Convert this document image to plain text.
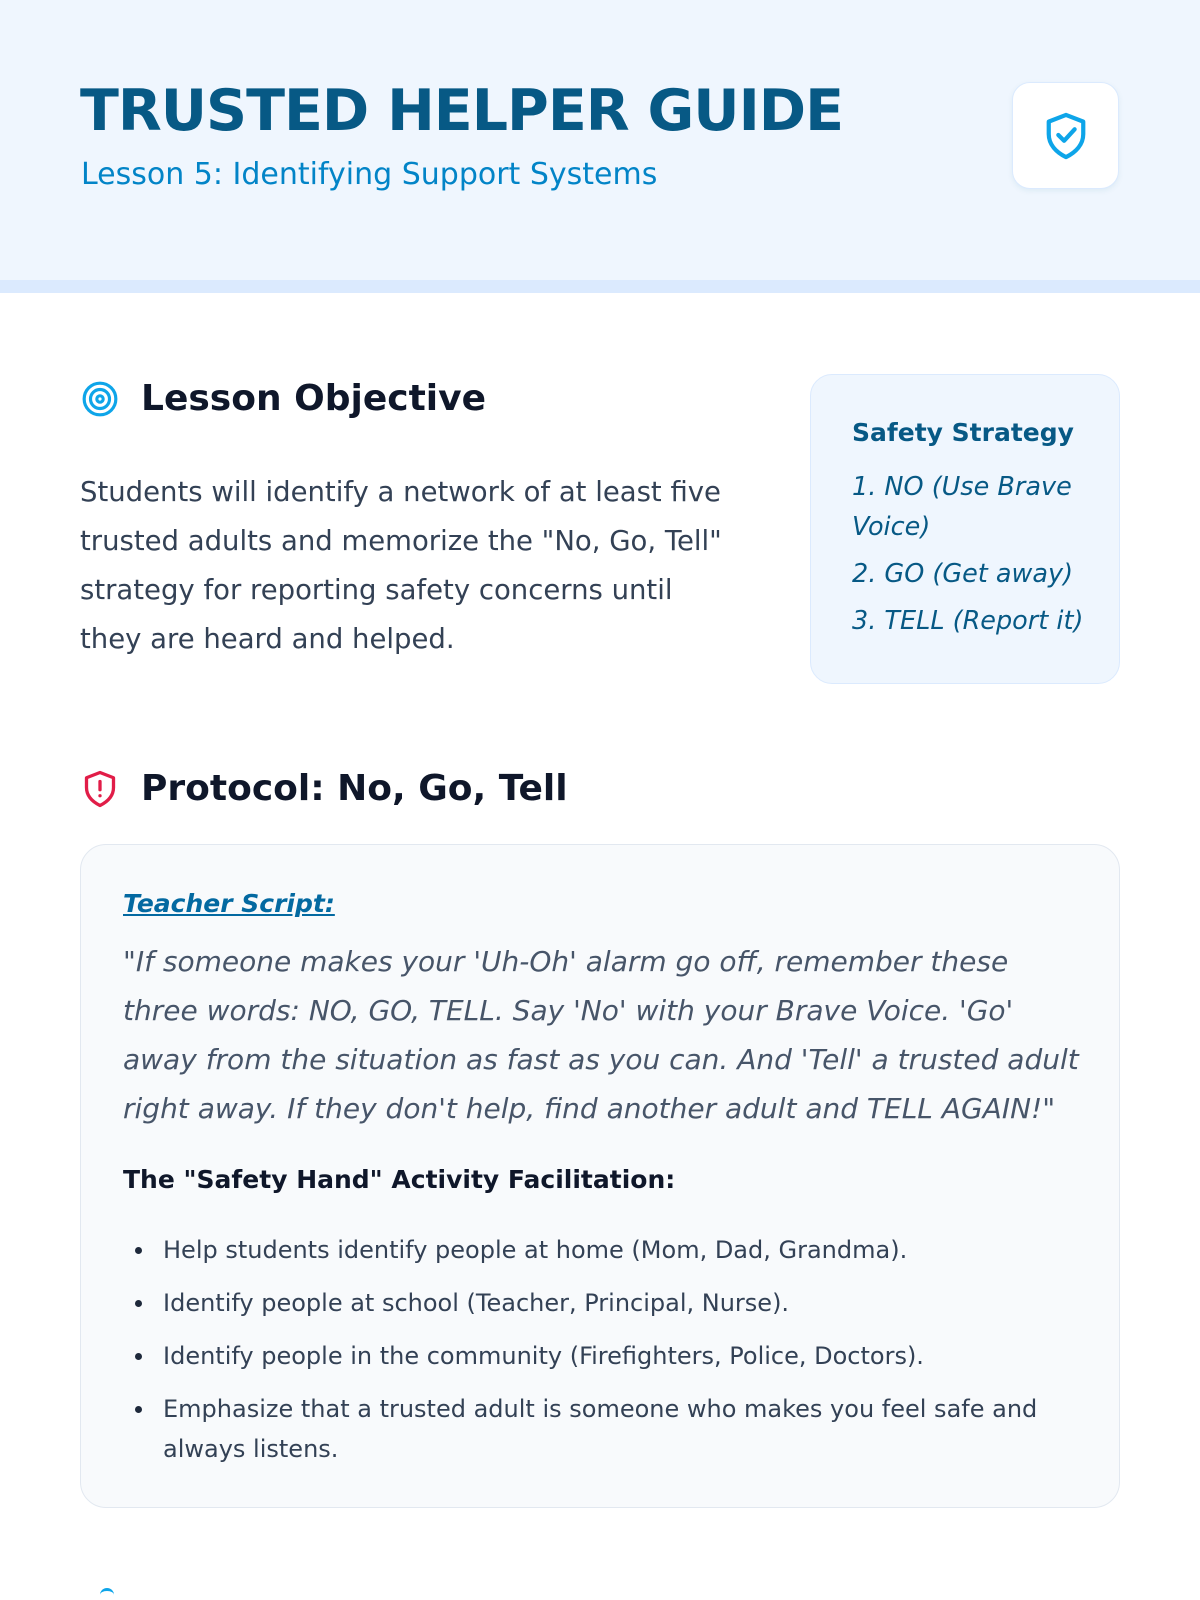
TRUSTED HELPER GUIDE
Lesson 5: Identifying Support Systems
Lesson Objective

Students will identify a network of at least five trusted adults and memorize the "No, Go, Tell" strategy for reporting safety concerns until they are heard and helped.

Safety Strategy
1. NO (Use Brave Voice)
2. GO (Get away)
3. TELL (Report it)
Protocol: No, Go, Tell
Teacher Script:

"If someone makes your 'Uh-Oh' alarm go off, remember these three words: NO, GO, TELL. Say 'No' with your Brave Voice. 'Go' away from the situation as fast as you can. And 'Tell' a trusted adult right away. If they don't help, find another adult and TELL AGAIN!"

The "Safety Hand" Activity Facilitation:
Help students identify people at home (Mom, Dad, Grandma).
Identify people at school (Teacher, Principal, Nurse).
Identify people in the community (Firefighters, Police, Doctors).
Emphasize that a trusted adult is someone who makes you feel safe and always listens.
